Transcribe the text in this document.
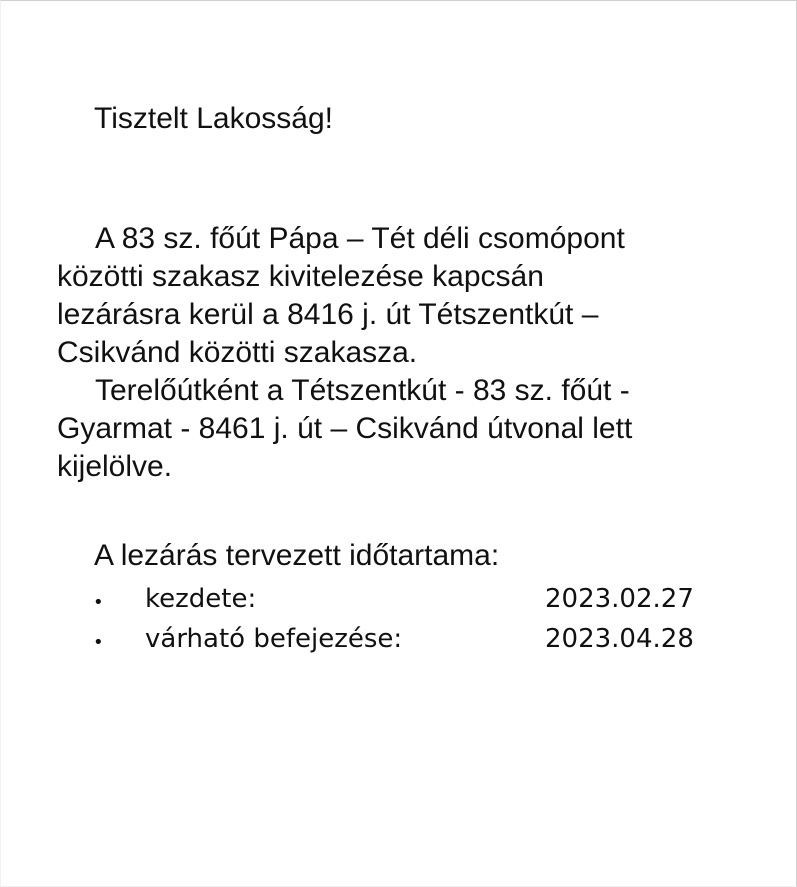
Tisztelt Lakosság!
A 83 sz. főút Pápa – Tét déli csomópont
közötti szakasz kivitelezése kapcsán
lezárásra kerül a 8416 j. út Tétszentkút –
Csikvánd közötti szakasza.
Terelőútként a Tétszentkút - 83 sz. főút -
Gyarmat - 8461 j. út – Csikvánd útvonal lett
kijelölve.
A lezárás tervezett időtartama:
• kezdete:	2023.02.27
• várható befejezése:	2023.04.28
